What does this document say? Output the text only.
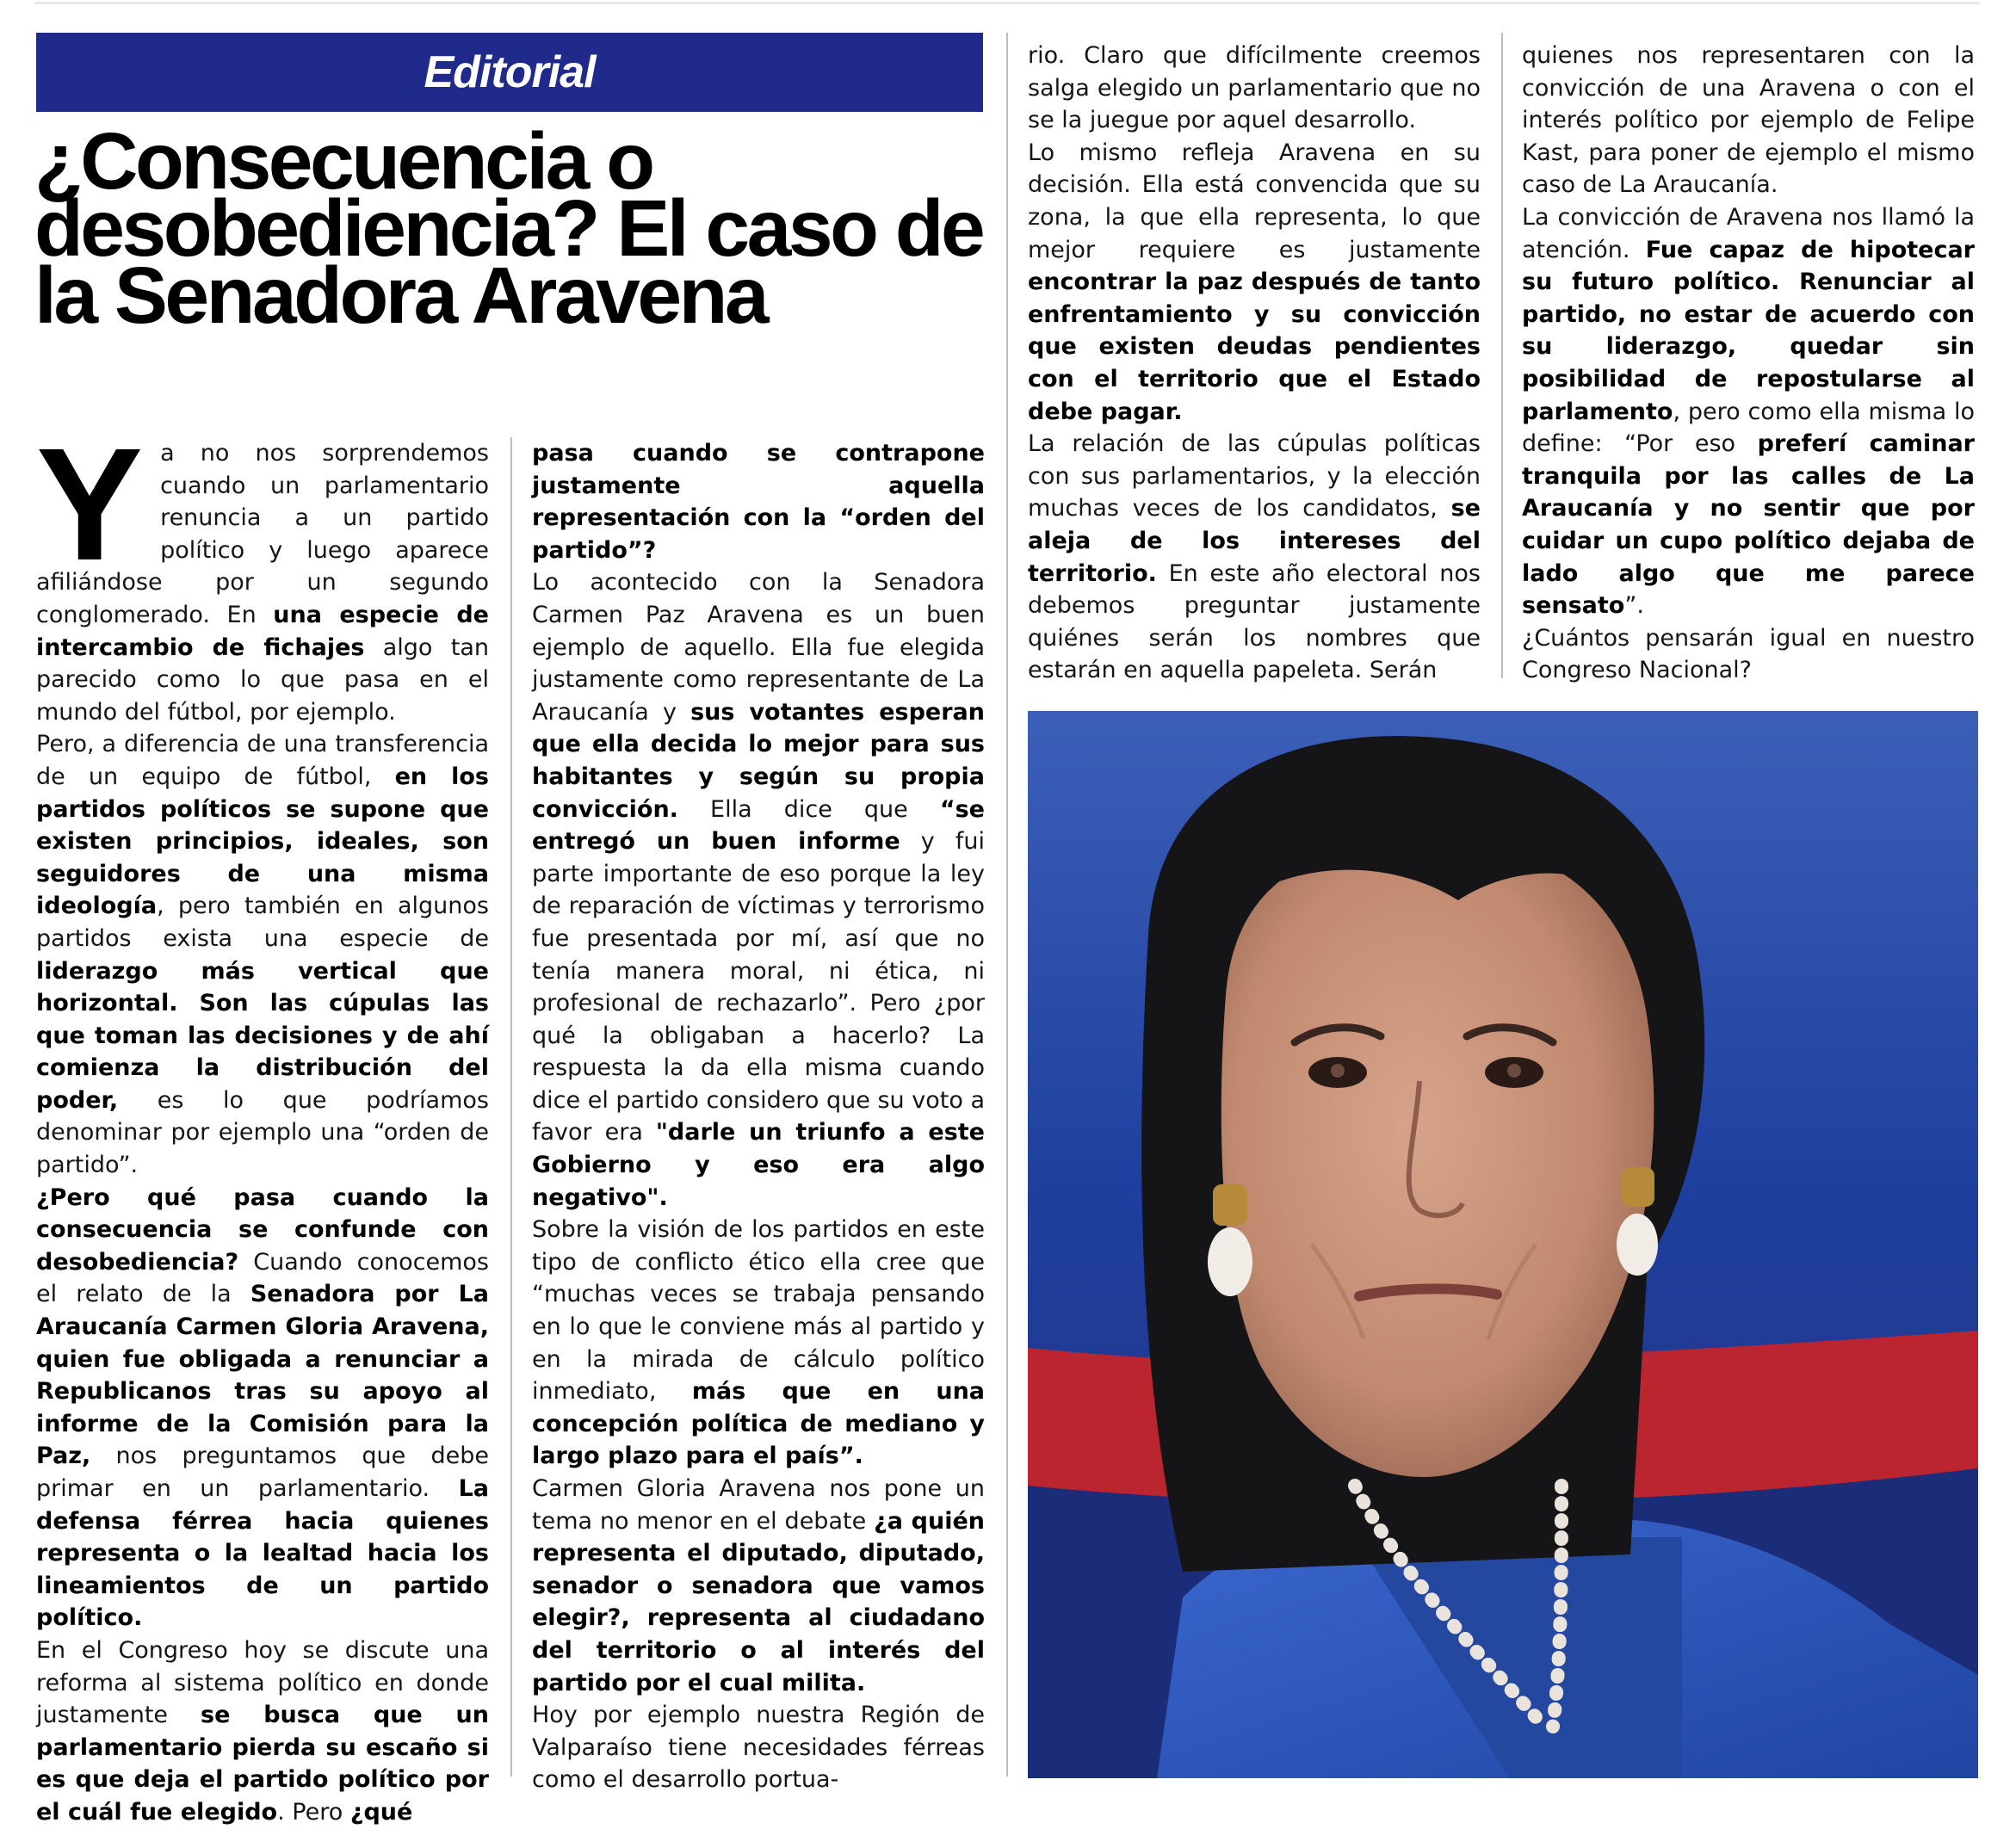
Editorial
¿Consecuencia o desobediencia? El caso de la Senadora Aravena
Y a no nos sorprendemos cuando un parlamentario renuncia a un partido político y luego aparece afiliándose por un segundo conglomerado. En una especie de intercambio de fichajes algo tan parecido como lo que pasa en el mundo del fútbol, por ejemplo.

Pero, a diferencia de una transferencia de un equipo de fútbol, en los partidos políticos se supone que existen principios, ideales, son seguidores de una misma ideología, pero también en algunos partidos exista una especie de liderazgo más vertical que horizontal. Son las cúpulas las que toman las decisiones y de ahí comienza la distribución del poder, es lo que podríamos denominar por ejemplo una “orden de partido”.

¿Pero qué pasa cuando la consecuencia se confunde con desobediencia? Cuando conocemos el relato de la Senadora por La Araucanía Carmen Gloria Aravena, quien fue obligada a renunciar a Republicanos tras su apoyo al informe de la Comisión para la Paz, nos preguntamos que debe primar en un parlamentario. La defensa férrea hacia quienes representa o la lealtad hacia los lineamientos de un partido político.

En el Congreso hoy se discute una reforma al sistema político en donde justamente se busca que un parlamentario pierda su escaño si es que deja el partido político por el cuál fue elegido. Pero ¿qué

pasa cuando se contrapone justamente aquella representación con la “orden del partido”?

Lo acontecido con la Senadora Carmen Paz Aravena es un buen ejemplo de aquello. Ella fue elegida justamente como representante de La Araucanía y sus votantes esperan que ella decida lo mejor para sus habitantes y según su propia convicción. Ella dice que “se entregó un buen informe y fui parte importante de eso porque la ley de reparación de víctimas y terrorismo fue presentada por mí, así que no tenía manera moral, ni ética, ni profesional de rechazarlo”. Pero ¿por qué la obligaban a hacerlo? La respuesta la da ella misma cuando dice el partido considero que su voto a favor era "darle un triunfo a este Gobierno y eso era algo negativo".

Sobre la visión de los partidos en este tipo de conflicto ético ella cree que “muchas veces se trabaja pensando en lo que le conviene más al partido y en la mirada de cálculo político inmediato, más que en una concepción política de mediano y largo plazo para el país”.

Carmen Gloria Aravena nos pone un tema no menor en el debate ¿a quién representa el diputado, diputado, senador o senadora que vamos elegir?, representa al ciudadano del territorio o al interés del partido por el cual milita.

Hoy por ejemplo nuestra Región de Valparaíso tiene necesidades férreas como el desarrollo portua-

rio. Claro que difícilmente creemos salga elegido un parlamentario que no se la juegue por aquel desarrollo.

Lo mismo refleja Aravena en su decisión. Ella está convencida que su zona, la que ella representa, lo que mejor requiere es justamente encontrar la paz después de tanto enfrentamiento y su convicción que existen deudas pendientes con el territorio que el Estado debe pagar.

La relación de las cúpulas políticas con sus parlamentarios, y la elección muchas veces de los candidatos, se aleja de los intereses del territorio. En este año electoral nos debemos preguntar justamente quiénes serán los nombres que estarán en aquella papeleta. Serán

quienes nos representaren con la convicción de una Aravena o con el interés político por ejemplo de Felipe Kast, para poner de ejemplo el mismo caso de La Araucanía.

La convicción de Aravena nos llamó la atención. Fue capaz de hipotecar su futuro político. Renunciar al partido, no estar de acuerdo con su liderazgo, quedar sin posibilidad de repostularse al parlamento, pero como ella misma lo define: “Por eso preferí caminar tranquila por las calles de La Araucanía y no sentir que por cuidar un cupo político dejaba de lado algo que me parece sensato”.

¿Cuántos pensarán igual en nuestro Congreso Nacional?
